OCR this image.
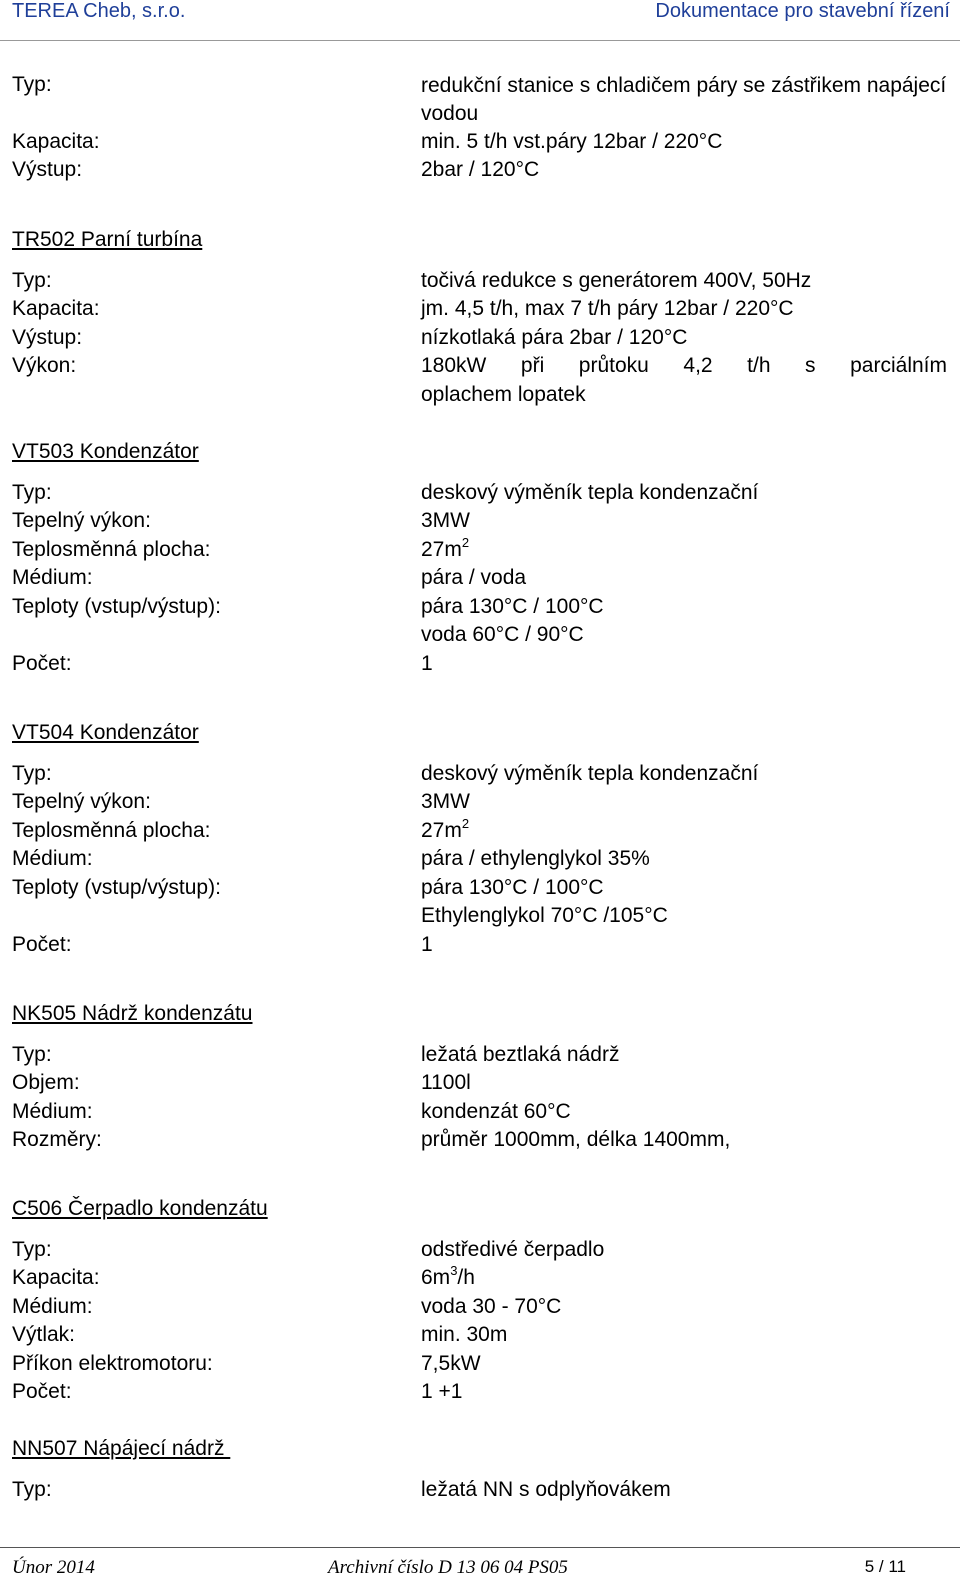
TEREA Cheb, s.r.o.	Dokumentace pro stavební řízení
Typ:	redukční stanice s chladičem páry se zástřikem napájecí vodou
Kapacita:	min. 5 t/h vst.páry 12bar / 220°C
Výstup:	2bar / 120°C
TR502 Parní turbína
Typ:	točivá redukce s generátorem 400V, 50Hz
Kapacita:	jm. 4,5 t/h, max 7 t/h páry 12bar / 220°C
Výstup:	nízkotlaká pára 2bar / 120°C
Výkon:	180kW při průtoku 4,2 t/h s parciálním
oplachem lopatek
VT503 Kondenzátor
Typ:	deskový výměník tepla kondenzační
Tepelný výkon:	3MW
Teplosměnná plocha:	$27m^2$
Médium:	pára / voda
Teploty (vstup/výstup):	pára 130°C / 100°C
voda 60°C / 90°C
Počet:	1
VT504 Kondenzátor
Typ:	deskový výměník tepla kondenzační
Tepelný výkon:	3MW
Teplosměnná plocha:	$27m^2$
Médium:	pára / ethylenglykol 35%
Teploty (vstup/výstup):	pára 130°C / 100°C
Ethylenglykol 70°C /105°C
Počet:	1
NK505 Nádrž kondenzátu
Typ:	ležatá beztlaká nádrž
Objem:	1100l
Médium:	kondenzát 60°C
Rozměry:	průměr 1000mm, délka 1400mm,
C506 Čerpadlo kondenzátu
Typ:	odstředivé čerpadlo
Kapacita:	$6m^3/h$
Médium:	voda 30 - 70°C
Výtlak:	min. 30m
Příkon elektromotoru:	7,5kW
Počet:	1 +1
NN507 Nápájecí nádrž
Typ:	ležatá NN s odplyňovákem
Únor 2014	Archivní číslo D 13 06 04 PS05	5 / 11
